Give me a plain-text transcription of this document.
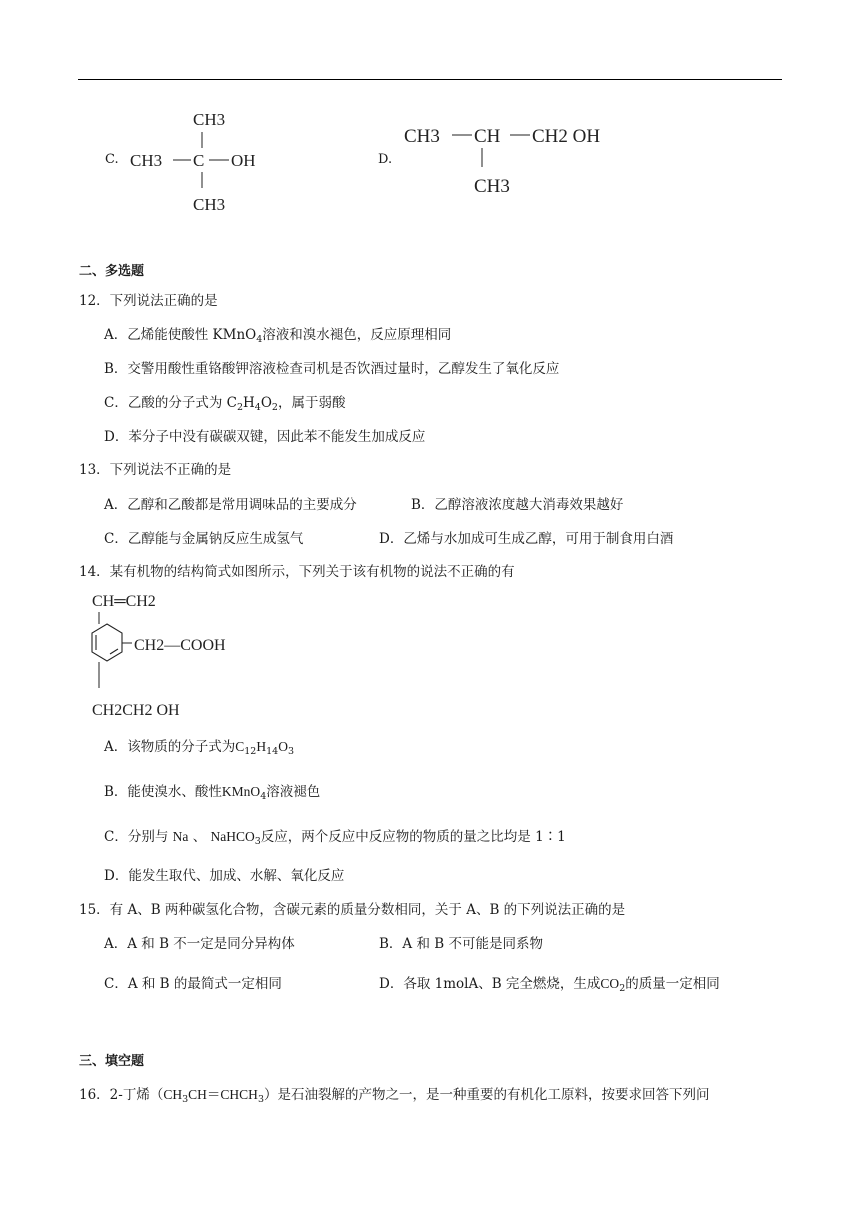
C.
CH3
CH3 C OH
CH3
D.
CH3 CH CH2 OH
CH3
二、多选题
12．下列说法正确的是
A．乙烯能使酸性 KMnO$_4$溶液和溴水褪色，反应原理相同
B．交警用酸性重铬酸钾溶液检查司机是否饮酒过量时，乙醇发生了氧化反应
C．乙酸的分子式为 $C_2H_4O_2$，属于弱酸
D．苯分子中没有碳碳双键，因此苯不能发生加成反应
13．下列说法不正确的是
A．乙醇和乙酸都是常用调味品的主要成分	B．乙醇溶液浓度越大消毒效果越好
C．乙醇能与金属钠反应生成氢气	D．乙烯与水加成可生成乙醇，可用于制食用白酒
14．某有机物的结构简式如图所示，下列关于该有机物的说法不正确的有
CH═CH2
CH2—COOH
CH2CH2 OH
A．该物质的分子式为$C_{12}H_{14}O_3$
B．能使溴水、酸性KMnO$_4$溶液褪色
C．分别与 Na 、 NaHCO$_3$反应，两个反应中反应物的物质的量之比均是 1∶1
D．能发生取代、加成、水解、氧化反应
15．有 A、B 两种碳氢化合物，含碳元素的质量分数相同，关于 A、B 的下列说法正确的是
A．A 和 B 不一定是同分异构体	B．A 和 B 不可能是同系物
C．A 和 B 的最简式一定相同	D．各取 1molA、B 完全燃烧，生成$CO_2$的质量一定相同
三、填空题
16．2-丁烯$(CH_3CH=CHCH_3)$是石油裂解的产物之一，是一种重要的有机化工原料，按要求回答下列问
